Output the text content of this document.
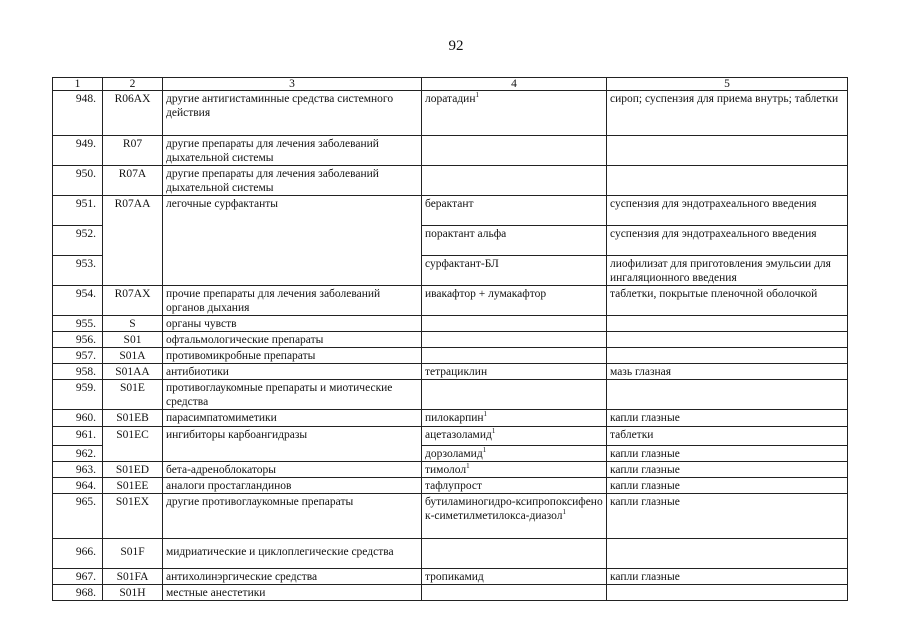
92
1	2	3	4	5
948.	R06AX	другие антигистаминные средства системного действия	лоратадин$^1$	сироп; суспензия для приема внутрь; таблетки
949.	R07	другие препараты для лечения заболеваний дыхательной системы		
950.	R07A	другие препараты для лечения заболеваний дыхательной системы		
951.	R07AA	легочные сурфактанты	берактант	суспензия для эндотрахеального введения
952.			порактант альфа	суспензия для эндотрахеального введения
953.			сурфактант-БЛ	лиофилизат для приготовления эмульсии для ингаляционного введения
954.	R07AX	прочие препараты для лечения заболеваний органов дыхания	ивакафтор + лумакафтор	таблетки, покрытые пленочной оболочкой
955.	S	органы чувств		
956.	S01	офтальмологические препараты		
957.	S01A	противомикробные препараты		
958.	S01AA	антибиотики	тетрациклин	мазь глазная
959.	S01E	противоглаукомные препараты и миотические средства		
960.	S01EB	парасимпатомиметики	пилокарпин$^1$	капли глазные
961.	S01EC	ингибиторы карбоангидразы	ацетазоламид$^1$	таблетки
962.			дорзоламид$^1$	капли глазные
963.	S01ED	бета-адреноблокаторы	тимолол$^1$	капли глазные
964.	S01EE	аналоги простагландинов	тафлупрост	капли глазные
965.	S01EX	другие противоглаукомные препараты	бутиламиногидро-ксипропоксифенок-симетилметилокса-диазол$^1$	капли глазные
966.	S01F	мидриатические и циклоплегические средства		
967.	S01FA	антихолинэргические средства	тропикамид	капли глазные
968.	S01H	местные анестетики		
